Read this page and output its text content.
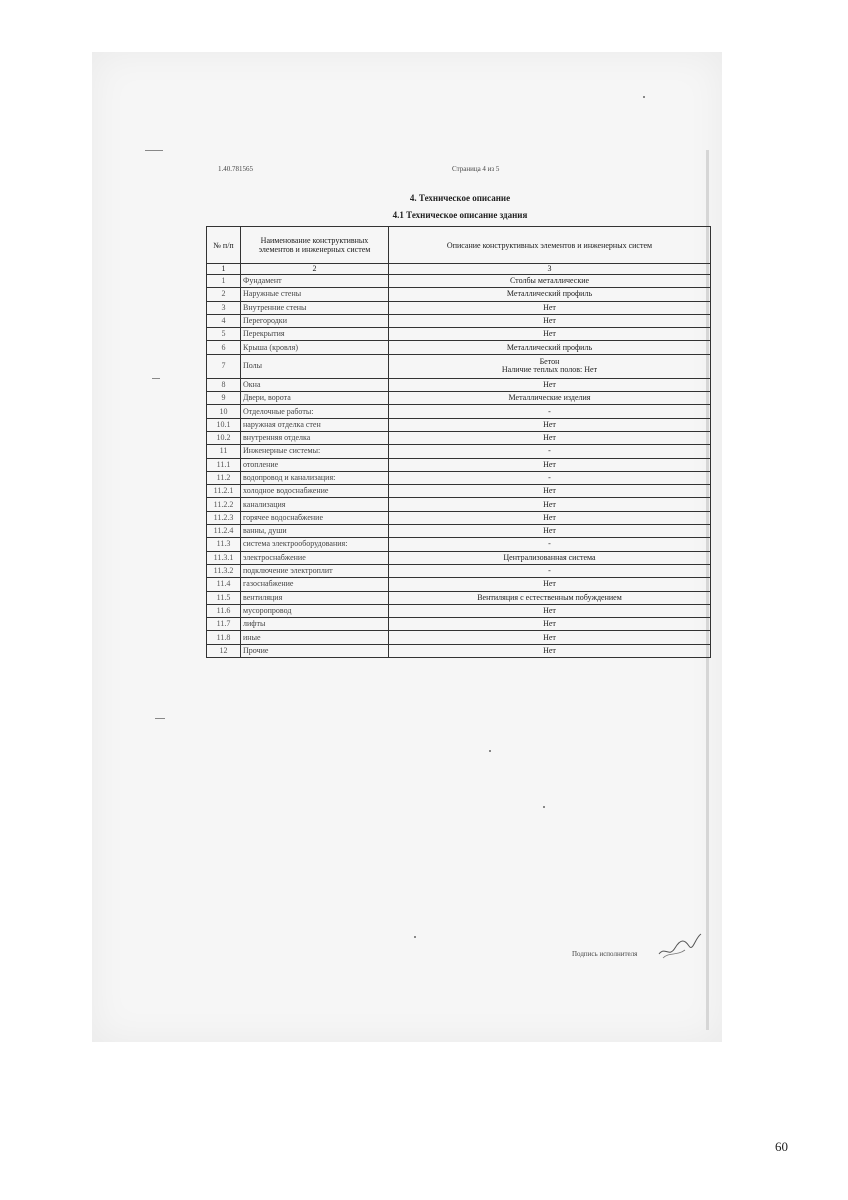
1.40.781565	Страница 4 из 5
4. Техническое описание
4.1 Техническое описание здания
№ п/п	Наименование конструктивных элементов и инженерных систем	Описание конструктивных элементов и инженерных систем
1	2	3
1	Фундамент	Столбы металлические
2	Наружные стены	Металлический профиль
3	Внутренние стены	Нет
4	Перегородки	Нет
5	Перекрытия	Нет
6	Крыша (кровля)	Металлический профиль
7	Полы	Бетон
Наличие теплых полов: Нет
8	Окна	Нет
9	Двери, ворота	Металлические изделия
10	Отделочные работы:	-
10.1	наружная отделка стен	Нет
10.2	внутренняя отделка	Нет
11	Инженерные системы:	-
11.1	отопление	Нет
11.2	водопровод и канализация:	-
11.2.1	холодное водоснабжение	Нет
11.2.2	канализация	Нет
11.2.3	горячее водоснабжение	Нет
11.2.4	ванны, души	Нет
11.3	система электрооборудования:	-
11.3.1	электроснабжение	Централизованная система
11.3.2	подключение электроплит	-
11.4	газоснабжение	Нет
11.5	вентиляция	Вентиляция с естественным побуждением
11.6	мусоропровод	Нет
11.7	лифты	Нет
11.8	иные	Нет
12	Прочие	Нет
Подпись исполнителя
60
